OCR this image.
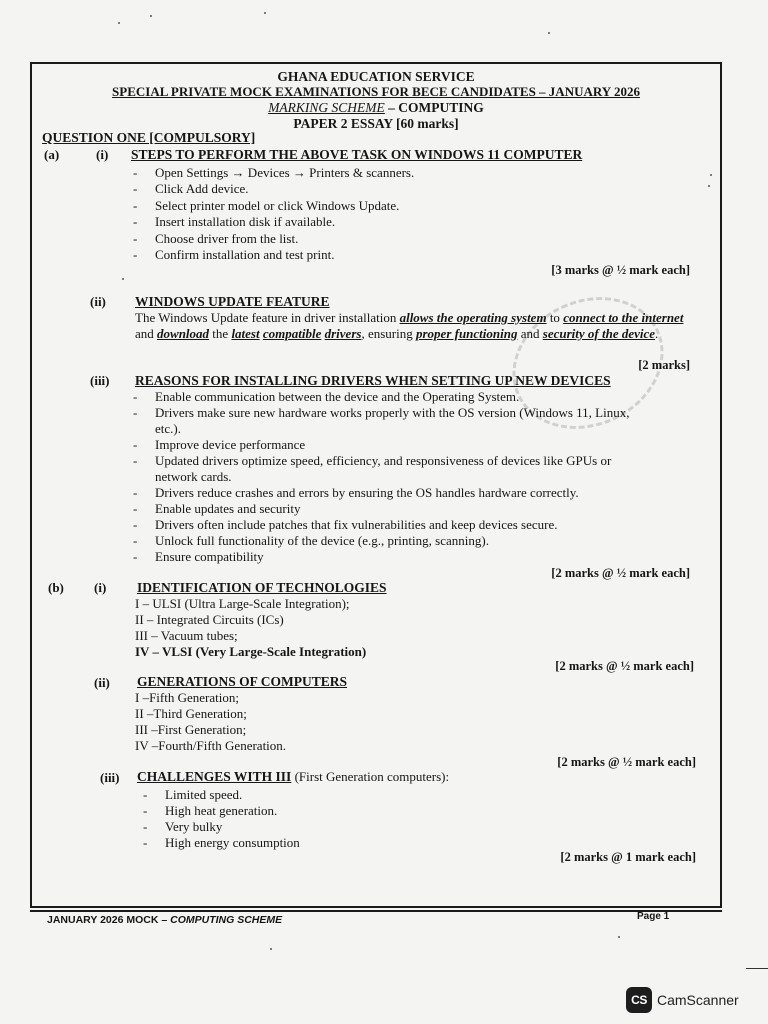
GHANA EDUCATION SERVICE
SPECIAL PRIVATE MOCK EXAMINATIONS FOR BECE CANDIDATES – JANUARY 2026
MARKING SCHEME – COMPUTING
PAPER 2 ESSAY [60 marks]
QUESTION ONE [COMPULSORY]
(a)	(i) STEPS TO PERFORM THE ABOVE TASK ON WINDOWS 11 COMPUTER
- Open Settings → Devices → Printers & scanners.
- Click Add device.
- Select printer model or click Windows Update.
- Insert installation disk if available.
- Choose driver from the list.
- Confirm installation and test print.
[3 marks @ ½ mark each]
(ii) WINDOWS UPDATE FEATURE
The Windows Update feature in driver installation allows the operating system to connect to the internet and download the latest compatible drivers, ensuring proper functioning and security of the device.
[2 marks]
(iii) REASONS FOR INSTALLING DRIVERS WHEN SETTING UP NEW DEVICES
- Enable communication between the device and the Operating System.
- Drivers make sure new hardware works properly with the OS version (Windows 11, Linux,
etc.).
- Improve device performance
- Updated drivers optimize speed, efficiency, and responsiveness of devices like GPUs or
network cards.
- Drivers reduce crashes and errors by ensuring the OS handles hardware correctly.
- Enable updates and security
- Drivers often include patches that fix vulnerabilities and keep devices secure.
- Unlock full functionality of the device (e.g., printing, scanning).
- Ensure compatibility
[2 marks @ ½ mark each]
(b) (i) IDENTIFICATION OF TECHNOLOGIES
I – ULSI (Ultra Large-Scale Integration);
II – Integrated Circuits (ICs)
III – Vacuum tubes;
IV – VLSI (Very Large-Scale Integration)
[2 marks @ ½ mark each]
(ii) GENERATIONS OF COMPUTERS
I –Fifth Generation;
II –Third Generation;
III –First Generation;
IV –Fourth/Fifth Generation.
[2 marks @ ½ mark each]
(iii) CHALLENGES WITH III (First Generation computers):
- Limited speed.
- High heat generation.
- Very bulky
- High energy consumption
[2 marks @ 1 mark each]
JANUARY 2026 MOCK – COMPUTING SCHEME	Page 1
CS CamScanner
